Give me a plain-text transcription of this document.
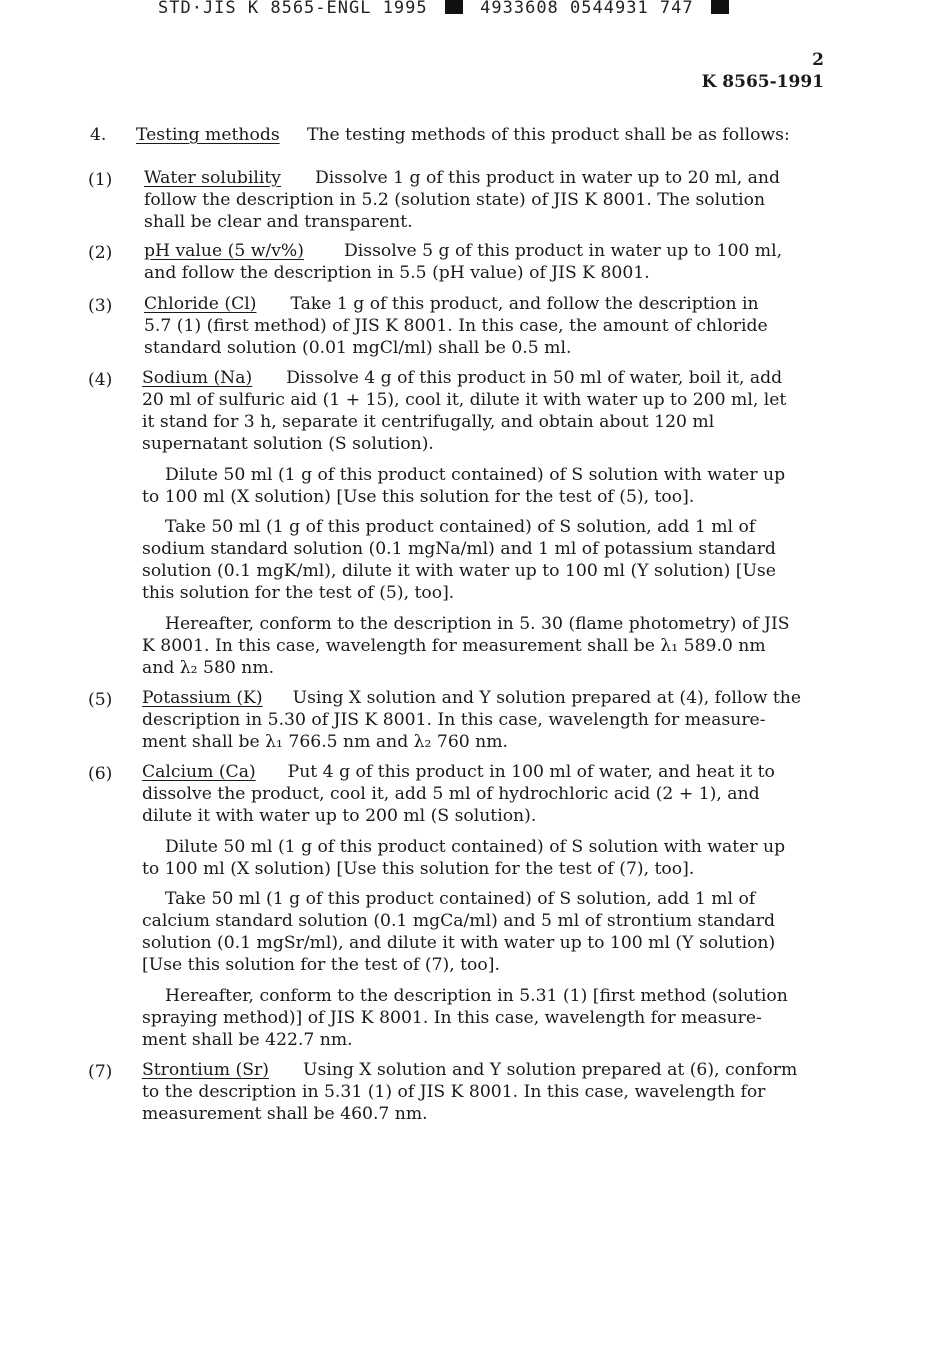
STD·JIS K 8565-ENGL 1995	4933608 0544931 747
2
K 8565-1991
4. Testing methods The testing methods of this product shall be as follows:
(1) Water solubility Dissolve 1 g of this product in water up to 20 ml, and
follow the description in 5.2 (solution state) of JIS K 8001. The solution
shall be clear and transparent.
(2) pH value (5 w/v%) Dissolve 5 g of this product in water up to 100 ml,
and follow the description in 5.5 (pH value) of JIS K 8001.
(3) Chloride (Cl) Take 1 g of this product, and follow the description in
5.7 (1) (first method) of JIS K 8001. In this case, the amount of chloride
standard solution (0.01 mgCl/ml) shall be 0.5 ml.
(4) Sodium (Na) Dissolve 4 g of this product in 50 ml of water, boil it, add
20 ml of sulfuric aid (1 + 15), cool it, dilute it with water up to 200 ml, let
it stand for 3 h, separate it centrifugally, and obtain about 120 ml
supernatant solution (S solution).
Dilute 50 ml (1 g of this product contained) of S solution with water up
to 100 ml (X solution) [Use this solution for the test of (5), too].
Take 50 ml (1 g of this product contained) of S solution, add 1 ml of
sodium standard solution (0.1 mgNa/ml) and 1 ml of potassium standard
solution (0.1 mgK/ml), dilute it with water up to 100 ml (Y solution) [Use
this solution for the test of (5), too].
Hereafter, conform to the description in 5. 30 (flame photometry) of JIS
K 8001. In this case, wavelength for measurement shall be λ₁ 589.0 nm
and λ₂ 580 nm.
(5) Potassium (K) Using X solution and Y solution prepared at (4), follow the
description in 5.30 of JIS K 8001. In this case, wavelength for measure-
ment shall be λ₁ 766.5 nm and λ₂ 760 nm.
(6) Calcium (Ca) Put 4 g of this product in 100 ml of water, and heat it to
dissolve the product, cool it, add 5 ml of hydrochloric acid (2 + 1), and
dilute it with water up to 200 ml (S solution).
Dilute 50 ml (1 g of this product contained) of S solution with water up
to 100 ml (X solution) [Use this solution for the test of (7), too].
Take 50 ml (1 g of this product contained) of S solution, add 1 ml of
calcium standard solution (0.1 mgCa/ml) and 5 ml of strontium standard
solution (0.1 mgSr/ml), and dilute it with water up to 100 ml (Y solution)
[Use this solution for the test of (7), too].
Hereafter, conform to the description in 5.31 (1) [first method (solution
spraying method)] of JIS K 8001. In this case, wavelength for measure-
ment shall be 422.7 nm.
(7) Strontium (Sr) Using X solution and Y solution prepared at (6), conform
to the description in 5.31 (1) of JIS K 8001. In this case, wavelength for
measurement shall be 460.7 nm.
